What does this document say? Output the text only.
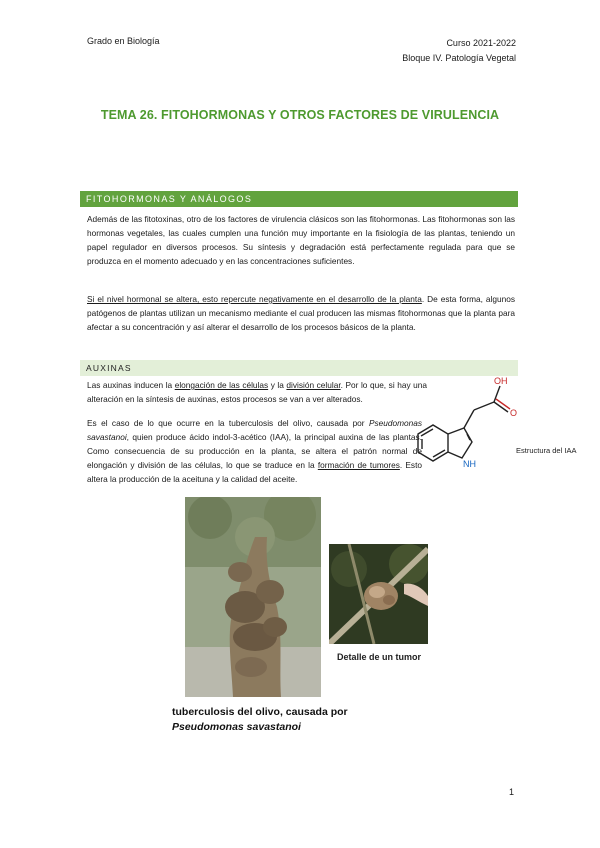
Grado en Biología	Curso 2021-2022
Bloque IV. Patología Vegetal
TEMA 26. FITOHORMONAS Y OTROS FACTORES DE VIRULENCIA
FITOHORMONAS Y ANÁLOGOS
Además de las fitotoxinas, otro de los factores de virulencia clásicos son las fitohormonas. Las fitohormonas son las hormonas vegetales, las cuales cumplen una función muy importante en la fisiología de las plantas, teniendo un papel regulador en diversos procesos. Su síntesis y degradación está perfectamente regulada para que se produzca en el momento adecuado y en las concentraciones suficientes.
Si el nivel hormonal se altera, esto repercute negativamente en el desarrollo de la planta. De esta forma, algunos patógenos de plantas utilizan un mecanismo mediante el cual producen las mismas fitohormonas que la planta para afectar a su concentración y así alterar el desarrollo de los procesos básicos de la planta.
AUXINAS
Las auxinas inducen la elongación de las células y la división celular. Por lo que, si hay una alteración en la síntesis de auxinas, estos procesos se van a ver alterados.
Es el caso de lo que ocurre en la tuberculosis del olivo, causada por Pseudomonas savastanoi, quien produce ácido indol-3-acético (IAA), la principal auxina de las plantas. Como consecuencia de su producción en la planta, se altera el patrón normal de elongación y división de las células, lo que se traduce en la formación de tumores. Esto altera la producción de la aceituna y la calidad del aceite.
OH
O
NH
Estructura del IAA
Detalle de un tumor
tuberculosis del olivo, causada por
Pseudomonas savastanoi
1
